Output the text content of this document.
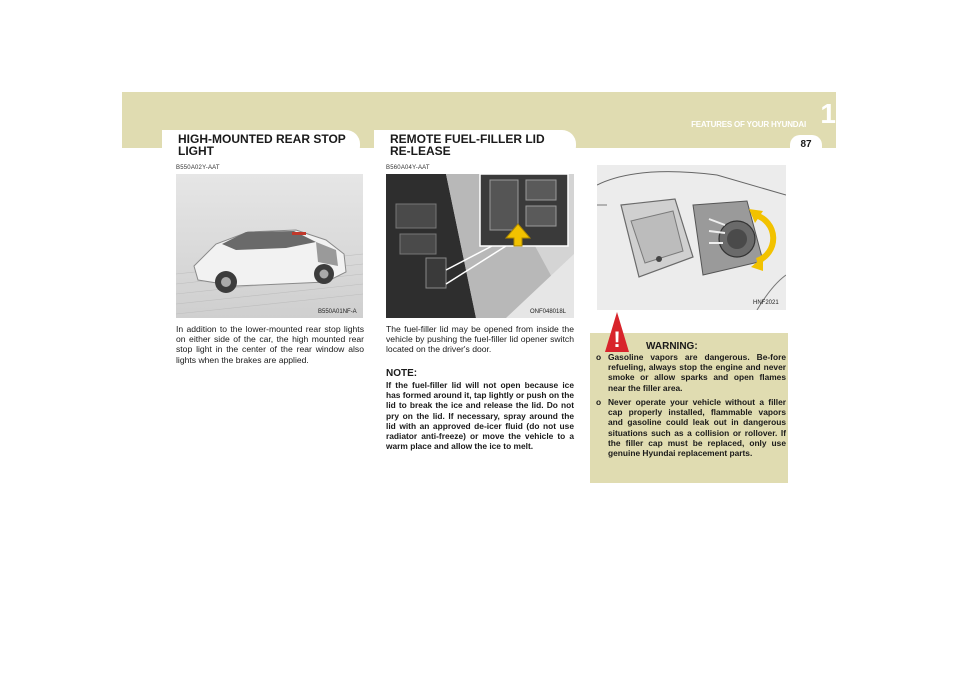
FEATURES OF YOUR HYUNDAI 1
87
HIGH-MOUNTED REAR STOP LIGHT
B550A02Y-AAT
B550A01NF-A
In addition to the lower-mounted rear stop lights on either side of the car, the high mounted rear stop light in the center of the rear window also lights when the brakes are applied.
REMOTE FUEL-FILLER LID RE-LEASE
B560A04Y-AAT
ONF048018L
The fuel-filler lid may be opened from inside the vehicle by pushing the fuel-filler lid opener switch located on the driver's door.
NOTE:
If the fuel-filler lid will not open because ice has formed around it, tap lightly or push on the lid to break the ice and release the lid. Do not pry on the lid. If necessary, spray around the lid with an approved de-icer fluid (do not use radiator anti-freeze) or move the vehicle to a warm place and allow the ice to melt.
HNF2021
!	WARNING:
o Gasoline vapors are dangerous. Be-fore refueling, always stop the engine and never smoke or allow sparks and open flames near the filler area.
o Never operate your vehicle without a filler cap properly installed, flammable vapors and gasoline could leak out in dangerous situations such as a collision or rollover. If the filler cap must be replaced, only use genuine Hyundai replacement parts.
